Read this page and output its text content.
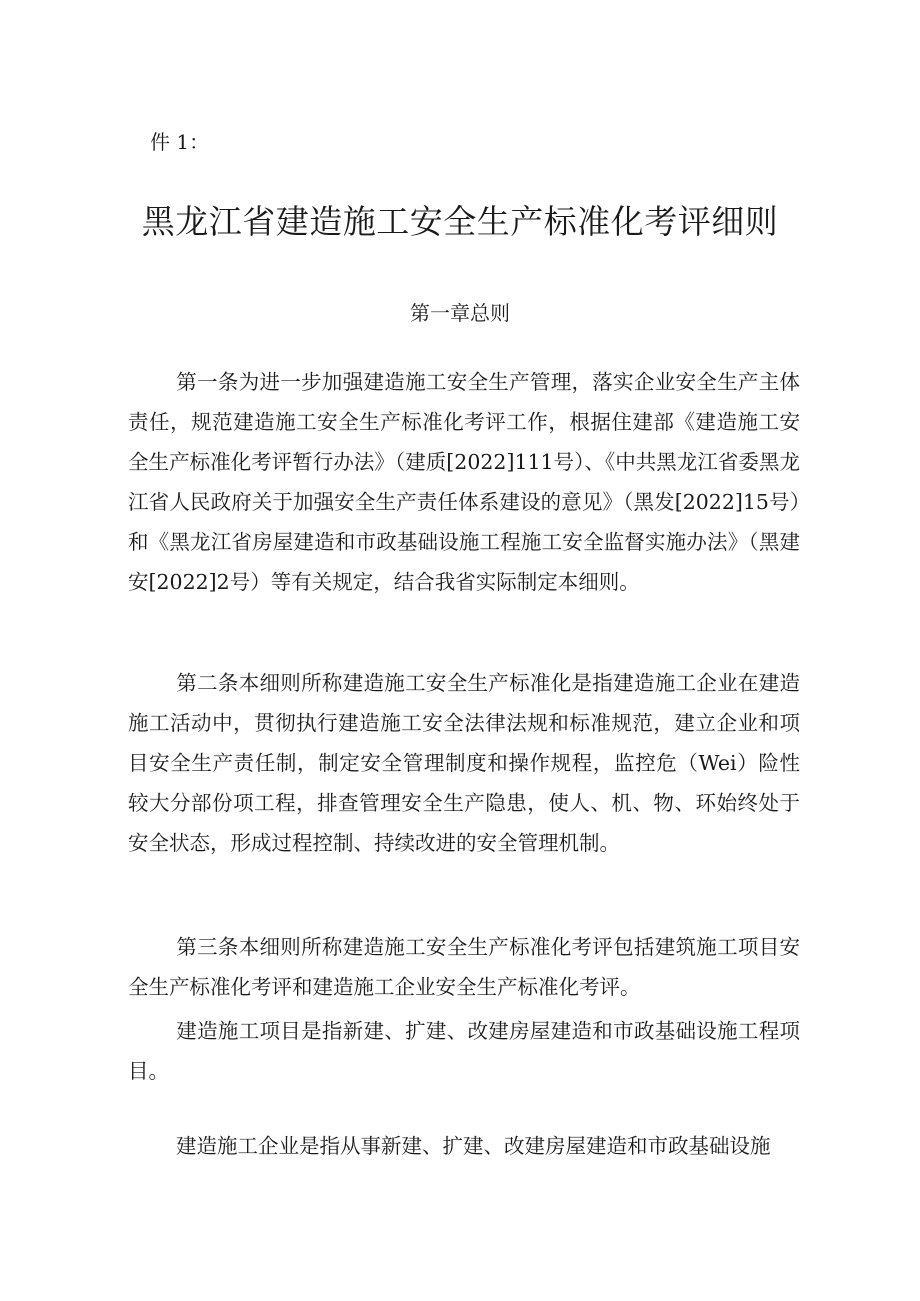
件 1：
黑龙江省建造施工安全生产标准化考评细则
第一章总则

第一条为进一步加强建造施工安全生产管理，落实企业安全生产主体责任，规范建造施工安全生产标准化考评工作，根据住建部《建造施工安全生产标准化考评暂行办法》（建质[2022]111号）、《中共黑龙江省委黑龙江省人民政府关于加强安全生产责任体系建设的意见》（黑发[2022]15号）和《黑龙江省房屋建造和市政基础设施工程施工安全监督实施办法》（黑建安[2022]2号）等有关规定，结合我省实际制定本细则。

第二条本细则所称建造施工安全生产标准化是指建造施工企业在建造施工活动中，贯彻执行建造施工安全法律法规和标准规范，建立企业和项目安全生产责任制，制定安全管理制度和操作规程，监控危（Wei）险性较大分部份项工程，排查管理安全生产隐患，使人、机、物、环始终处于安全状态，形成过程控制、持续改进的安全管理机制。

第三条本细则所称建造施工安全生产标准化考评包括建筑施工项目安全生产标准化考评和建造施工企业安全生产标准化考评。

建造施工项目是指新建、扩建、改建房屋建造和市政基础设施工程项目。

建造施工企业是指从事新建、扩建、改建房屋建造和市政基础设施
